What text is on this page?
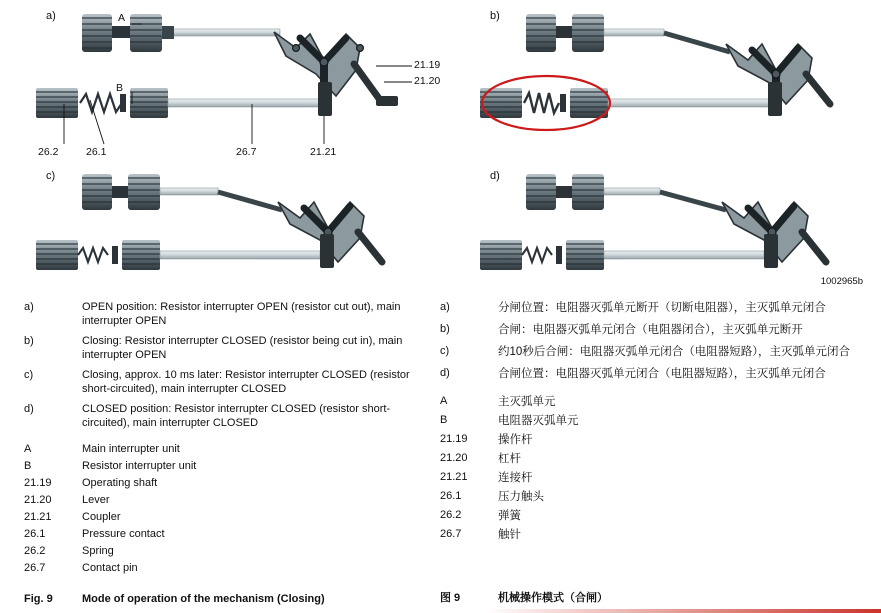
a)	A
B
21.19
21.20
26.2	26.1	26.7	21.21
b)
c)	d)
1002965b
a)	OPEN position: Resistor interrupter OPEN (resistor cut out), main interrupter OPEN
b)	Closing: Resistor interrupter CLOSED (resistor being cut in), main interrupter OPEN
c)	Closing, approx. 10 ms later: Resistor interrupter CLOSED (resistor short-circuited), main interrupter CLOSED
d)	CLOSED position: Resistor interrupter CLOSED (resistor short-circuited), main interrupter CLOSED
A	Main interrupter unit
B	Resistor interrupter unit
21.19	Operating shaft
21.20	Lever
21.21	Coupler
26.1	Pressure contact
26.2	Spring
26.7	Contact pin
a)	分闸位置：电阻器灭弧单元断开（切断电阻器），主灭弧单元闭合
b)	合闸：电阻器灭弧单元闭合（电阻器闭合），主灭弧单元断开
c)	约10秒后合闸：电阻器灭弧单元闭合（电阻器短路），主灭弧单元闭合
d)	合闸位置：电阻器灭弧单元闭合（电阻器短路），主灭弧单元闭合
A	主灭弧单元
B	电阻器灭弧单元
21.19	操作杆
21.20	杠杆
21.21	连接杆
26.1	压力触头
26.2	弹簧
26.7	触针
Fig. 9	Mode of operation of the mechanism (Closing)	图 9	机械操作模式（合闸）
